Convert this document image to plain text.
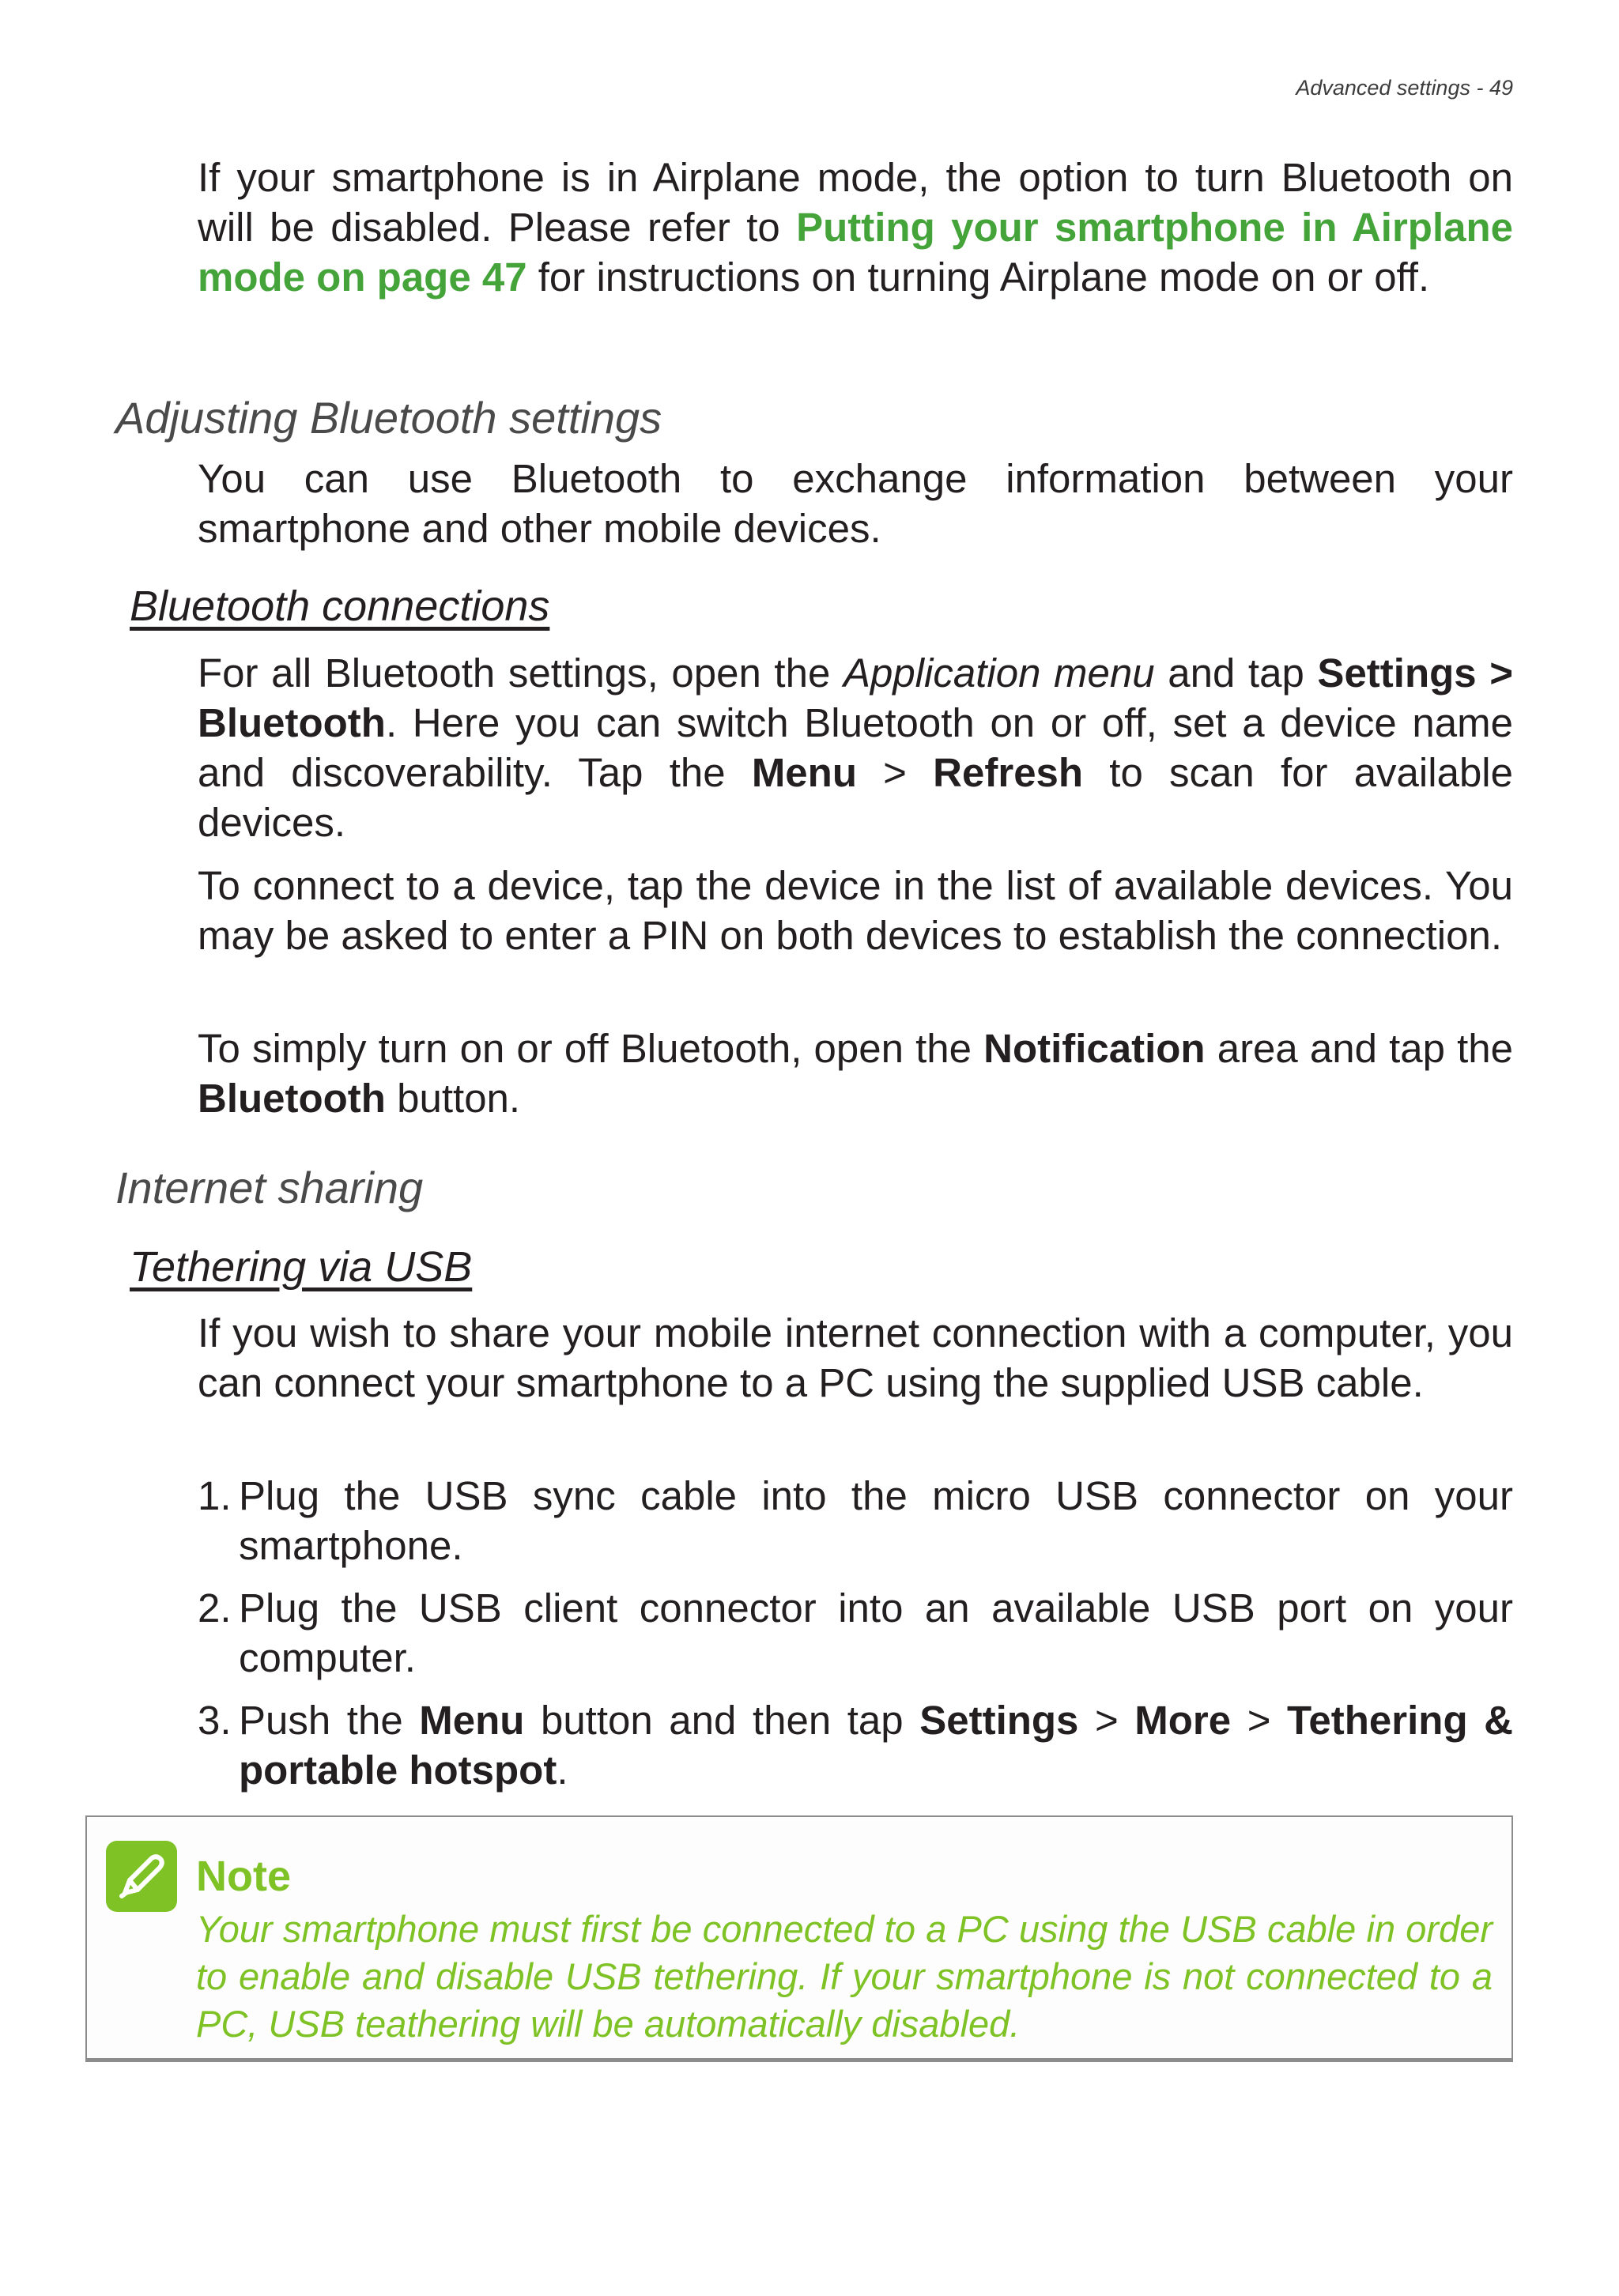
Advanced settings - 49
If your smartphone is in Airplane mode, the option to turn Bluetooth on will be disabled. Please refer to Putting your smartphone in Airplane mode on page 47 for instructions on turning Airplane mode on or off.
Adjusting Bluetooth settings
You can use Bluetooth to exchange information between your smartphone and other mobile devices.
Bluetooth connections
For all Bluetooth settings, open the Application menu and tap Settings > Bluetooth. Here you can switch Bluetooth on or off, set a device name and discoverability. Tap the Menu > Refresh to scan for available devices.
To connect to a device, tap the device in the list of available devices. You may be asked to enter a PIN on both devices to establish the connection.
To simply turn on or off Bluetooth, open the Notification area and tap the Bluetooth button.
Internet sharing
Tethering via USB
If you wish to share your mobile internet connection with a computer, you can connect your smartphone to a PC using the supplied USB cable.
1. Plug the USB sync cable into the micro USB connector on your smartphone.
2. Plug the USB client connector into an available USB port on your computer.
3. Push the Menu button and then tap Settings > More > Tethering & portable hotspot.
Note
Your smartphone must first be connected to a PC using the USB cable in order to enable and disable USB tethering. If your smartphone is not connected to a PC, USB teathering will be automatically disabled.
